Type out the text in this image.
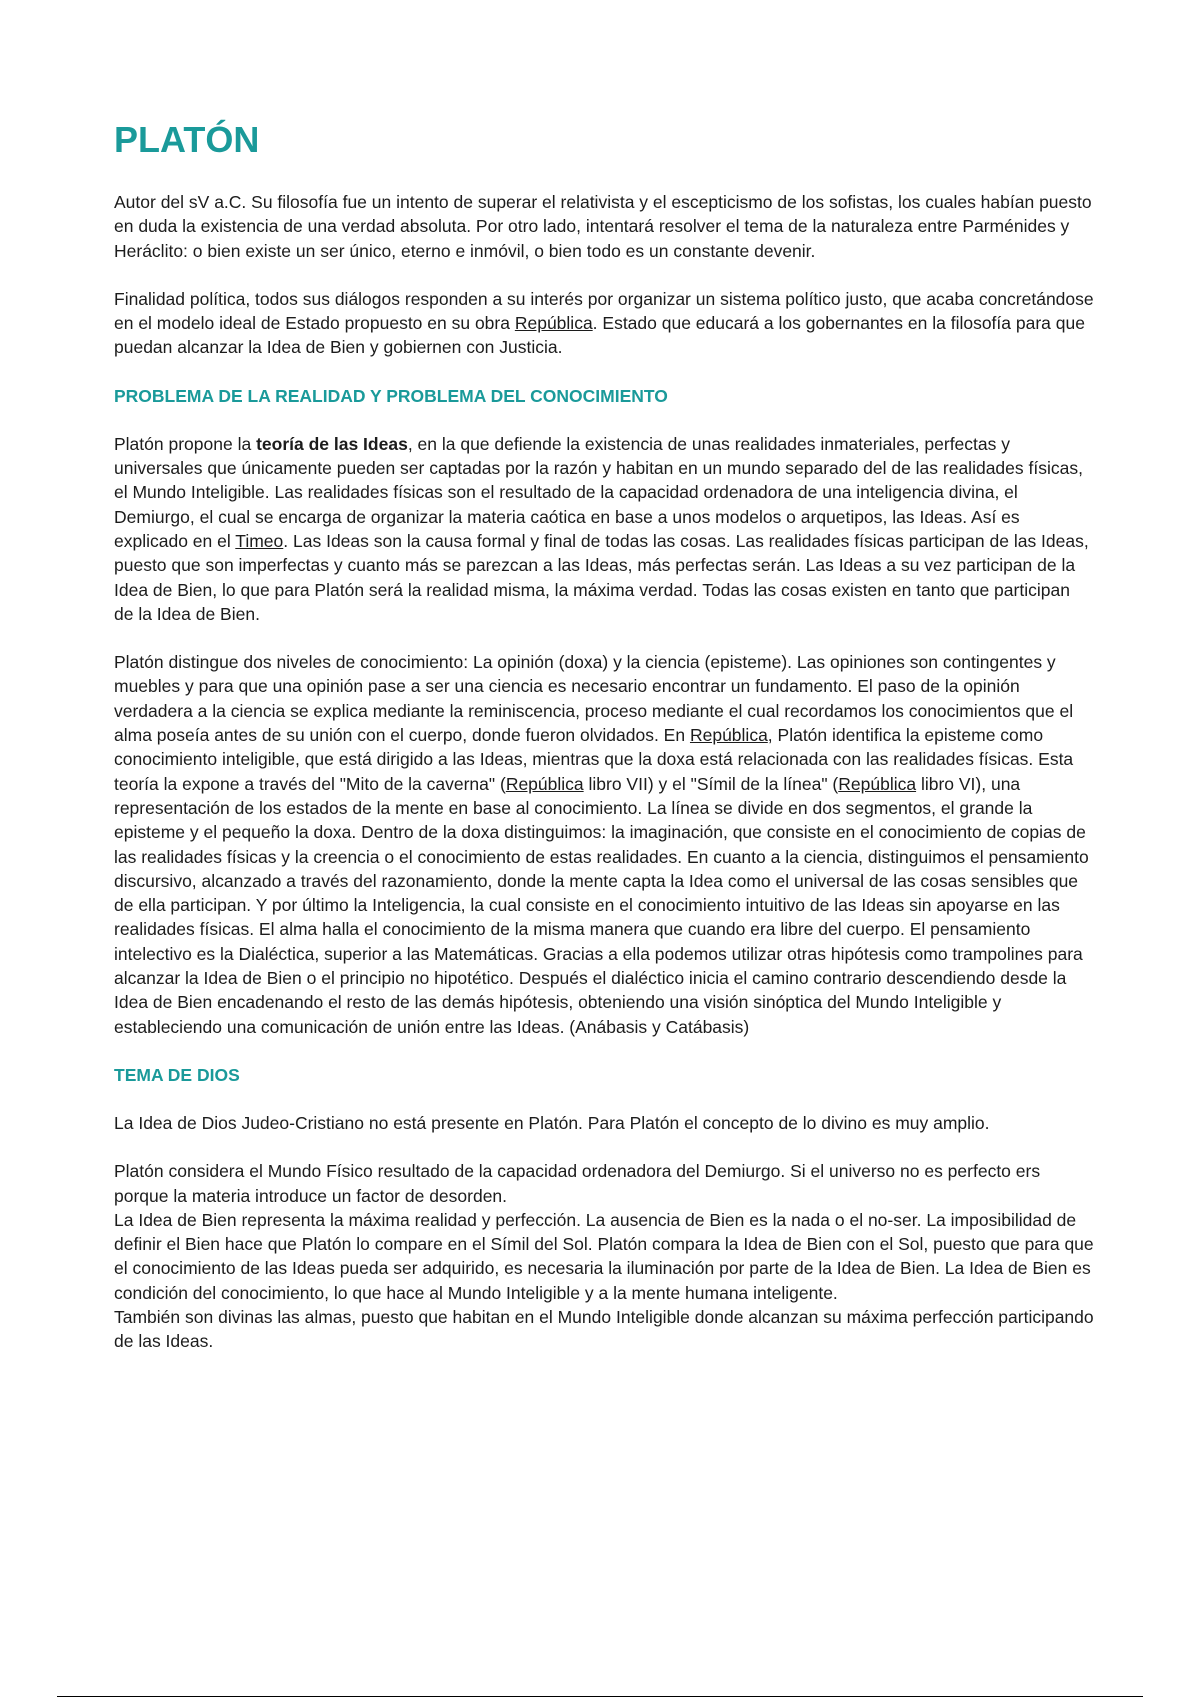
PLATÓN

Autor del sV a.C. Su filosofía fue un intento de superar el relativista y el escepticismo de los sofistas, los cuales habían puesto en duda la existencia de una verdad absoluta. Por otro lado, intentará resolver el tema de la naturaleza entre Parménides y Heráclito: o bien existe un ser único, eterno e inmóvil, o bien todo es un constante devenir.

Finalidad política, todos sus diálogos responden a su interés por organizar un sistema político justo, que acaba concretándose en el modelo ideal de Estado propuesto en su obra República. Estado que educará a los gobernantes en la filosofía para que puedan alcanzar la Idea de Bien y gobiernen con Justicia.

PROBLEMA DE LA REALIDAD Y PROBLEMA DEL CONOCIMIENTO

Platón propone la teoría de las Ideas, en la que defiende la existencia de unas realidades inmateriales, perfectas y universales que únicamente pueden ser captadas por la razón y habitan en un mundo separado del de las realidades físicas, el Mundo Inteligible. Las realidades físicas son el resultado de la capacidad ordenadora de una inteligencia divina, el Demiurgo, el cual se encarga de organizar la materia caótica en base a unos modelos o arquetipos, las Ideas. Así es explicado en el Timeo. Las Ideas son la causa formal y final de todas las cosas. Las realidades físicas participan de las Ideas, puesto que son imperfectas y cuanto más se parezcan a las Ideas, más perfectas serán. Las Ideas a su vez participan de la Idea de Bien, lo que para Platón será la realidad misma, la máxima verdad. Todas las cosas existen en tanto que participan de la Idea de Bien.

Platón distingue dos niveles de conocimiento: La opinión (doxa) y la ciencia (episteme). Las opiniones son contingentes y muebles y para que una opinión pase a ser una ciencia es necesario encontrar un fundamento. El paso de la opinión verdadera a la ciencia se explica mediante la reminiscencia, proceso mediante el cual recordamos los conocimientos que el alma poseía antes de su unión con el cuerpo, donde fueron olvidados. En República, Platón identifica la episteme como conocimiento inteligible, que está dirigido a las Ideas, mientras que la doxa está relacionada con las realidades físicas. Esta teoría la expone a través del "Mito de la caverna" (República libro VII) y el "Símil de la línea" (República libro VI), una representación de los estados de la mente en base al conocimiento. La línea se divide en dos segmentos, el grande la episteme y el pequeño la doxa. Dentro de la doxa distinguimos: la imaginación, que consiste en el conocimiento de copias de las realidades físicas y la creencia o el conocimiento de estas realidades. En cuanto a la ciencia, distinguimos el pensamiento discursivo, alcanzado a través del razonamiento, donde la mente capta la Idea como el universal de las cosas sensibles que de ella participan. Y por último la Inteligencia, la cual consiste en el conocimiento intuitivo de las Ideas sin apoyarse en las realidades físicas. El alma halla el conocimiento de la misma manera que cuando era libre del cuerpo. El pensamiento intelectivo es la Dialéctica, superior a las Matemáticas. Gracias a ella podemos utilizar otras hipótesis como trampolines para alcanzar la Idea de Bien o el principio no hipotético. Después el dialéctico inicia el camino contrario descendiendo desde la Idea de Bien encadenando el resto de las demás hipótesis, obteniendo una visión sinóptica del Mundo Inteligible y estableciendo una comunicación de unión entre las Ideas. (Anábasis y Catábasis)

TEMA DE DIOS

La Idea de Dios Judeo-Cristiano no está presente en Platón. Para Platón el concepto de lo divino es muy amplio.

Platón considera el Mundo Físico resultado de la capacidad ordenadora del Demiurgo. Si el universo no es perfecto ers porque la materia introduce un factor de desorden.

La Idea de Bien representa la máxima realidad y perfección. La ausencia de Bien es la nada o el no-ser. La imposibilidad de definir el Bien hace que Platón lo compare en el Símil del Sol. Platón compara la Idea de Bien con el Sol, puesto que para que el conocimiento de las Ideas pueda ser adquirido, es necesaria la iluminación por parte de la Idea de Bien. La Idea de Bien es condición del conocimiento, lo que hace al Mundo Inteligible y a la mente humana inteligente.

También son divinas las almas, puesto que habitan en el Mundo Inteligible donde alcanzan su máxima perfección participando de las Ideas.
